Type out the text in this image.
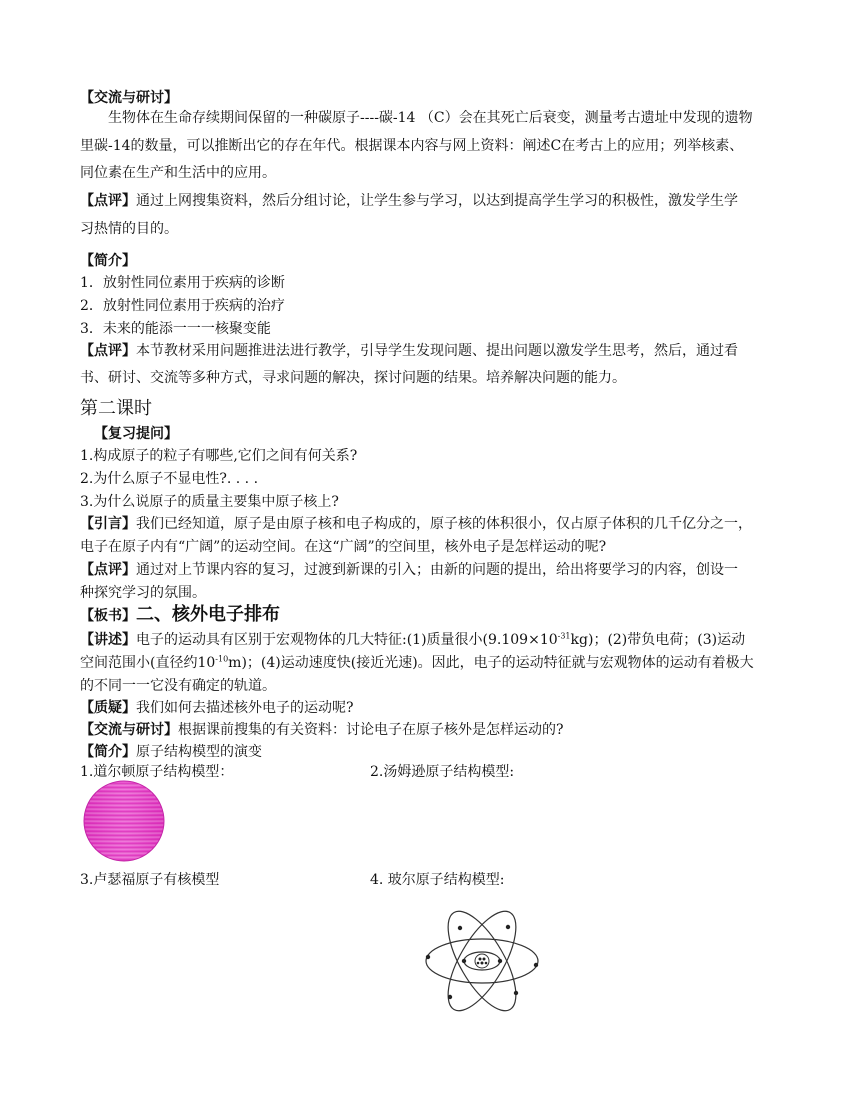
【交流与研讨】
生物体在生命存续期间保留的一种碳原子----碳-14 （C）会在其死亡后衰变，测量考古遗址中发现的遗物
里碳-14的数量，可以推断出它的存在年代。根据课本内容与网上资料：阐述C在考古上的应用；列举核素、
同位素在生产和生活中的应用。
【点评】通过上网搜集资料，然后分组讨论，让学生参与学习，以达到提高学生学习的积极性，激发学生学
习热情的目的。
【简介】
1．放射性同位素用于疾病的诊断
2．放射性同位素用于疾病的治疗
3．未来的能添一一一核聚变能
【点评】本节教材采用问题推进法进行教学，引导学生发现问题、提出问题以激发学生思考，然后，通过看
书、研讨、交流等多种方式，寻求问题的解决，探讨问题的结果。培养解决问题的能力。
第二课时
【复习提问】
1.构成原子的粒子有哪些,它们之间有何关系?
2.为什么原子不显电性?. . . .
3.为什么说原子的质量主要集中原子核上?
【引言】我们已经知道，原子是由原子核和电子构成的，原子核的体积很小，仅占原子体积的几千亿分之一，
电子在原子内有“广阔”的运动空间。在这“广阔”的空间里，核外电子是怎样运动的呢?
【点评】通过对上节课内容的复习，过渡到新课的引入；由新的问题的提出，给出将要学习的内容，创设一
种探究学习的氛围。
【板书】二、核外电子排布
【讲述】电子的运动具有区别于宏观物体的几大特征:(1)质量很小$(9.109\times 10^{-31}kg)$；(2)带负电荷；(3)运动
空间范围小(直径约$10^{-10}m$)；(4)运动速度快(接近光速)。因此，电子的运动特征就与宏观物体的运动有着极大
的不同一一它没有确定的轨道。
【质疑】我们如何去描述核外电子的运动呢?
【交流与研讨】根据课前搜集的有关资料：讨论电子在原子核外是怎样运动的?
【简介】原子结构模型的演变
1.道尔顿原子结构模型：	2.汤姆逊原子结构模型:
3.卢瑟福原子有核模型	4. 玻尔原子结构模型:
